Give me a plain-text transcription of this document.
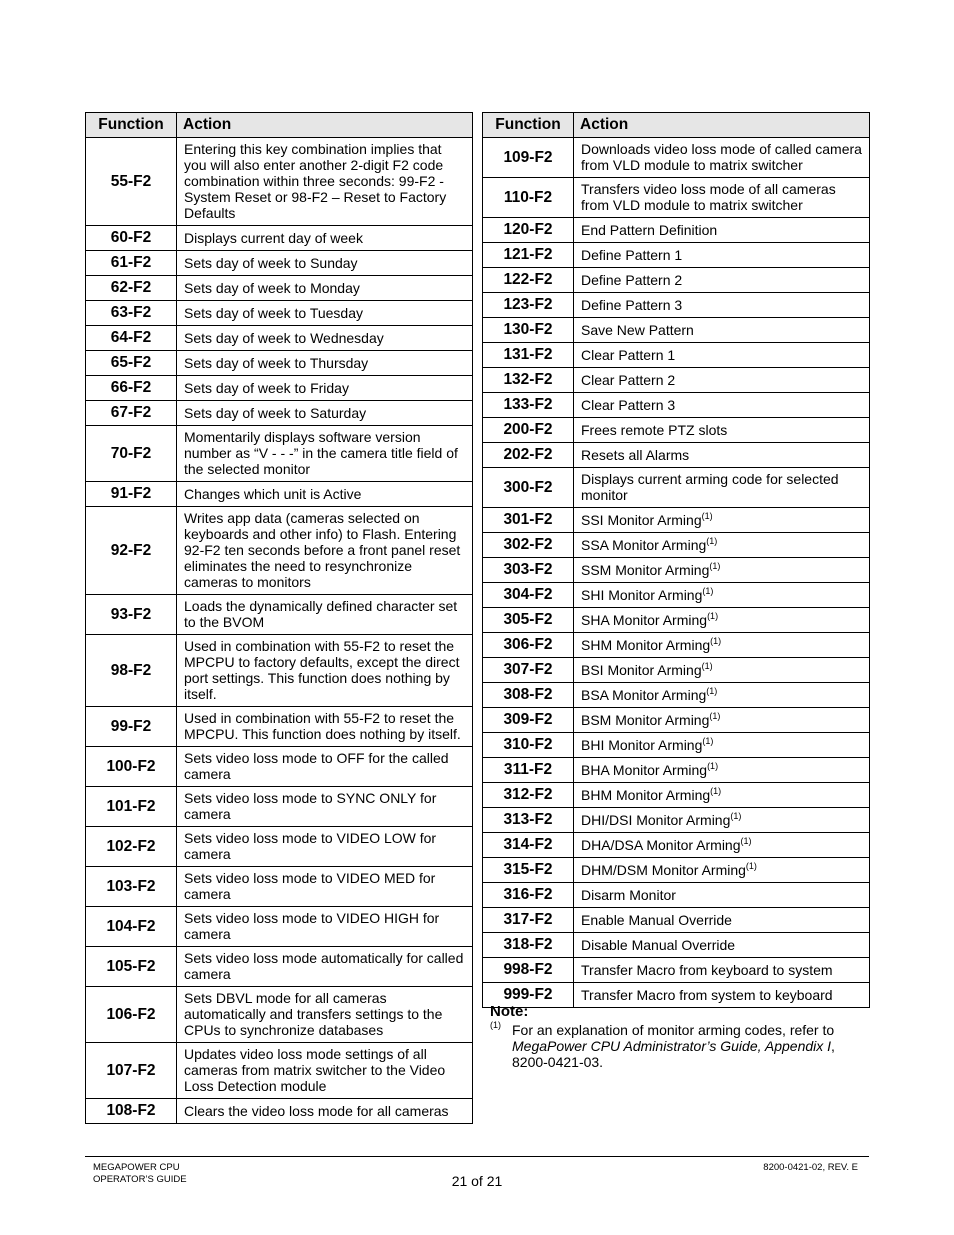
Function	Action
55-F2	Entering this key combination implies that you will also enter another 2-digit F2 code combination within three seconds: 99-F2 - System Reset or 98-F2 – Reset to Factory Defaults
60-F2	Displays current day of week
61-F2	Sets day of week to Sunday
62-F2	Sets day of week to Monday
63-F2	Sets day of week to Tuesday
64-F2	Sets day of week to Wednesday
65-F2	Sets day of week to Thursday
66-F2	Sets day of week to Friday
67-F2	Sets day of week to Saturday
70-F2	Momentarily displays software version number as “V - - -” in the camera title field of the selected monitor
91-F2	Changes which unit is Active
92-F2	Writes app data (cameras selected on keyboards and other info) to Flash. Entering 92-F2 ten seconds before a front panel reset eliminates the need to resynchronize cameras to monitors
93-F2	Loads the dynamically defined character set to the BVOM
98-F2	Used in combination with 55-F2 to reset the MPCPU to factory defaults, except the direct port settings. This function does nothing by itself.
99-F2	Used in combination with 55-F2 to reset the MPCPU. This function does nothing by itself.
100-F2	Sets video loss mode to OFF for the called camera
101-F2	Sets video loss mode to SYNC ONLY for camera
102-F2	Sets video loss mode to VIDEO LOW for camera
103-F2	Sets video loss mode to VIDEO MED for camera
104-F2	Sets video loss mode to VIDEO HIGH for camera
105-F2	Sets video loss mode automatically for called camera
106-F2	Sets DBVL mode for all cameras automatically and transfers settings to the CPUs to synchronize databases
107-F2	Updates video loss mode settings of all cameras from matrix switcher to the Video Loss Detection module
108-F2	Clears the video loss mode for all cameras
Function	Action
109-F2	Downloads video loss mode of called camera from VLD module to matrix switcher
110-F2	Transfers video loss mode of all cameras from VLD module to matrix switcher
120-F2	End Pattern Definition
121-F2	Define Pattern 1
122-F2	Define Pattern 2
123-F2	Define Pattern 3
130-F2	Save New Pattern
131-F2	Clear Pattern 1
132-F2	Clear Pattern 2
133-F2	Clear Pattern 3
200-F2	Frees remote PTZ slots
202-F2	Resets all Alarms
300-F2	Displays current arming code for selected monitor
301-F2	SSI Monitor Arming$^{(1)}$
302-F2	SSA Monitor Arming$^{(1)}$
303-F2	SSM Monitor Arming$^{(1)}$
304-F2	SHI Monitor Arming$^{(1)}$
305-F2	SHA Monitor Arming$^{(1)}$
306-F2	SHM Monitor Arming$^{(1)}$
307-F2	BSI Monitor Arming$^{(1)}$
308-F2	BSA Monitor Arming$^{(1)}$
309-F2	BSM Monitor Arming$^{(1)}$
310-F2	BHI Monitor Arming$^{(1)}$
311-F2	BHA Monitor Arming$^{(1)}$
312-F2	BHM Monitor Arming$^{(1)}$
313-F2	DHI/DSI Monitor Arming$^{(1)}$
314-F2	DHA/DSA Monitor Arming$^{(1)}$
315-F2	DHM/DSM Monitor Arming$^{(1)}$
316-F2	Disarm Monitor
317-F2	Enable Manual Override
318-F2	Disable Manual Override
998-F2	Transfer Macro from keyboard to system
999-F2	Transfer Macro from system to keyboard
Note:
(1) For an explanation of monitor arming codes, refer to MegaPower CPU Administrator’s Guide, Appendix I, 8200-0421-03.
MEGAPOWER CPU
OPERATOR’S GUIDE	21 of 21
8200-0421-02, REV. E
